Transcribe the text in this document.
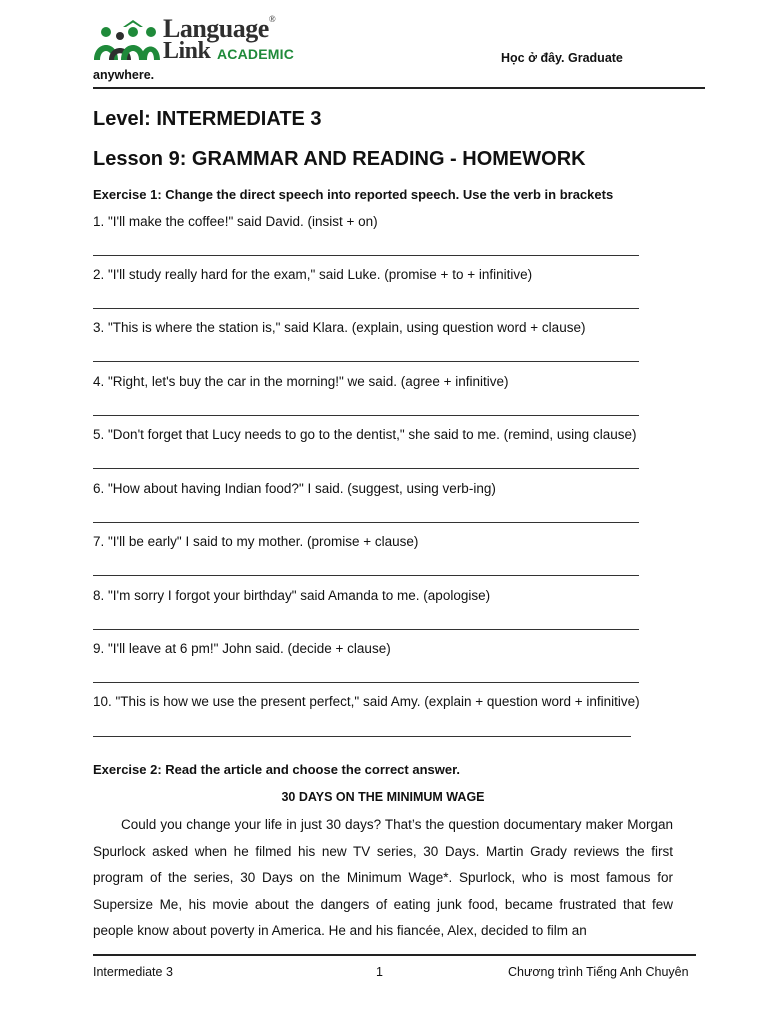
Language®
Link ACADEMIC	Học ở đây. Graduate
anywhere.
Level: INTERMEDIATE 3
Lesson 9: GRAMMAR AND READING - HOMEWORK
Exercise 1: Change the direct speech into reported speech. Use the verb in brackets
1. "I'll make the coffee!" said David. (insist + on)
2. "I'll study really hard for the exam," said Luke. (promise + to + infinitive)
3. "This is where the station is," said Klara. (explain, using question word + clause)
4. "Right, let's buy the car in the morning!" we said. (agree + infinitive)
5. "Don't forget that Lucy needs to go to the dentist," she said to me. (remind, using clause)
6. "How about having Indian food?" I said. (suggest, using verb-ing)
7. "I'll be early" I said to my mother. (promise + clause)
8. "I'm sorry I forgot your birthday" said Amanda to me. (apologise)
9. "I'll leave at 6 pm!" John said. (decide + clause)
10. "This is how we use the present perfect," said Amy. (explain + question word + infinitive)
Exercise 2: Read the article and choose the correct answer.
30 DAYS ON THE MINIMUM WAGE

Could you change your life in just 30 days? That’s the question documentary maker Morgan Spurlock asked when he filmed his new TV series, 30 Days. Martin Grady reviews the first program of the series, 30 Days on the Minimum Wage*. Spurlock, who is most famous for Supersize Me, his movie about the dangers of eating junk food, became frustrated that few people know about poverty in America. He and his fiancée, Alex, decided to film an

Intermediate 3	1	Chương trình Tiếng Anh Chuyên
